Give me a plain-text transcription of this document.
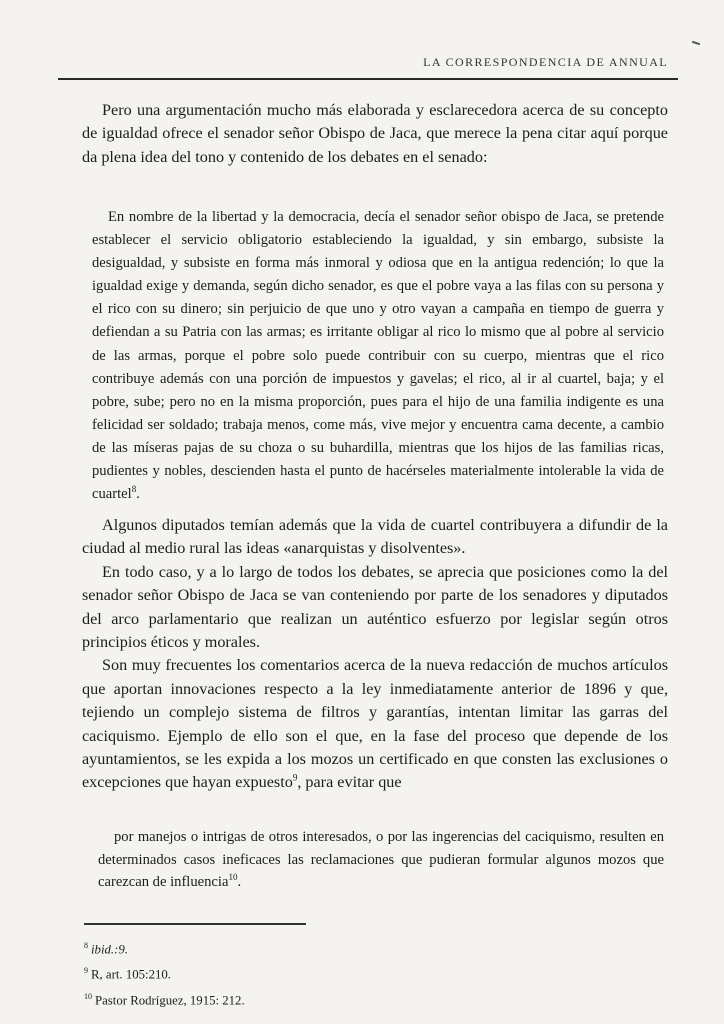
LA CORRESPONDENCIA DE ANNUAL

Pero una argumentación mucho más elaborada y esclarecedora acerca de su concepto de igualdad ofrece el senador señor Obispo de Jaca, que merece la pena citar aquí porque da plena idea del tono y contenido de los debates en el senado:

En nombre de la libertad y la democracia, decía el senador señor obispo de Jaca, se pretende establecer el servicio obligatorio estableciendo la igualdad, y sin embargo, subsiste la desigualdad, y subsiste en forma más inmoral y odiosa que en la antigua redención; lo que la igualdad exige y demanda, según dicho senador, es que el pobre vaya a las filas con su persona y el rico con su dinero; sin perjuicio de que uno y otro vayan a campaña en tiempo de guerra y defiendan a su Patria con las armas; es irritante obligar al rico lo mismo que al pobre al servicio de las armas, porque el pobre solo puede contribuir con su cuerpo, mientras que el rico contribuye además con una porción de impuestos y gavelas; el rico, al ir al cuartel, baja; y el pobre, sube; pero no en la misma proporción, pues para el hijo de una familia indigente es una felicidad ser soldado; trabaja menos, come más, vive mejor y encuentra cama decente, a cambio de las míseras pajas de su choza o su buhardilla, mientras que los hijos de las familias ricas, pudientes y nobles, descienden hasta el punto de hacérseles materialmente intolerable la vida de cuartel$^8$.

Algunos diputados temían además que la vida de cuartel contribuyera a difundir de la ciudad al medio rural las ideas «anarquistas y disolventes».

En todo caso, y a lo largo de todos los debates, se aprecia que posiciones como la del senador señor Obispo de Jaca se van conteniendo por parte de los senadores y diputados del arco parlamentario que realizan un auténtico esfuerzo por legislar según otros principios éticos y morales.

Son muy frecuentes los comentarios acerca de la nueva redacción de muchos artículos que aportan innovaciones respecto a la ley inmediatamente anterior de 1896 y que, tejiendo un complejo sistema de filtros y garantías, intentan limitar las garras del caciquismo. Ejemplo de ello son el que, en la fase del proceso que depende de los ayuntamientos, se les expida a los mozos un certificado en que consten las exclusiones o excepciones que hayan expuesto$^9$, para evitar que

por manejos o intrigas de otros interesados, o por las ingerencias del caciquismo, resulten en determinados casos ineficaces las reclamaciones que pudieran formular algunos mozos que carezcan de influencia$^{10}$.

$^8$ ibid.:9.
$^9$ R, art. 105:210.
$^{10}$ Pastor Rodríguez, 1915: 212.
